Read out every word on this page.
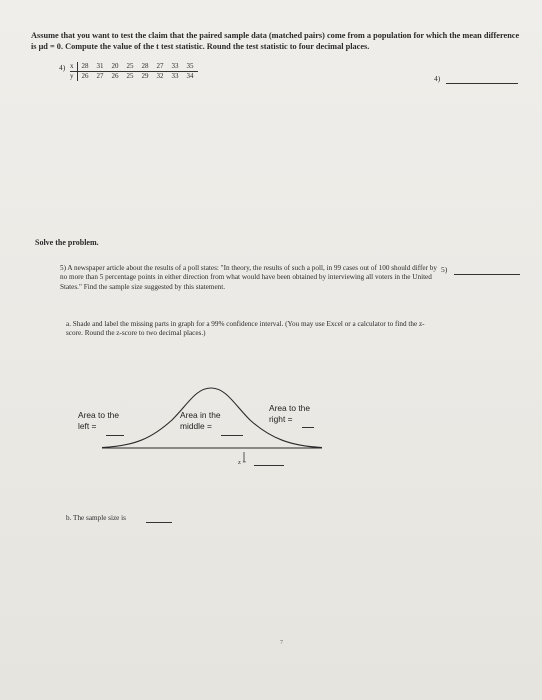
Assume that you want to test the claim that the paired sample data (matched pairs) come from a population for which the mean difference is μd = 0. Compute the value of the t test statistic. Round the test statistic to four decimal places.
4) x	28	31	20	25	28	27	33	35
y	26	27	26	25	29	32	33	34	4)
Solve the problem.
5) A newspaper article about the results of a poll states: "In theory, the results of such a poll, in 99 cases out of 100 should differ by no more than 5 percentage points in either direction from what would have been obtained by interviewing all voters in the United States." Find the sample size suggested by this statement.
5)
a. Shade and label the missing parts in graph for a 99% confidence interval. (You may use Excel or a calculator to find the z-score. Round the z-score to two decimal places.)
Area to the
left =
Area in the
middle =
Area to the
right =
z =
b. The sample size is
7
